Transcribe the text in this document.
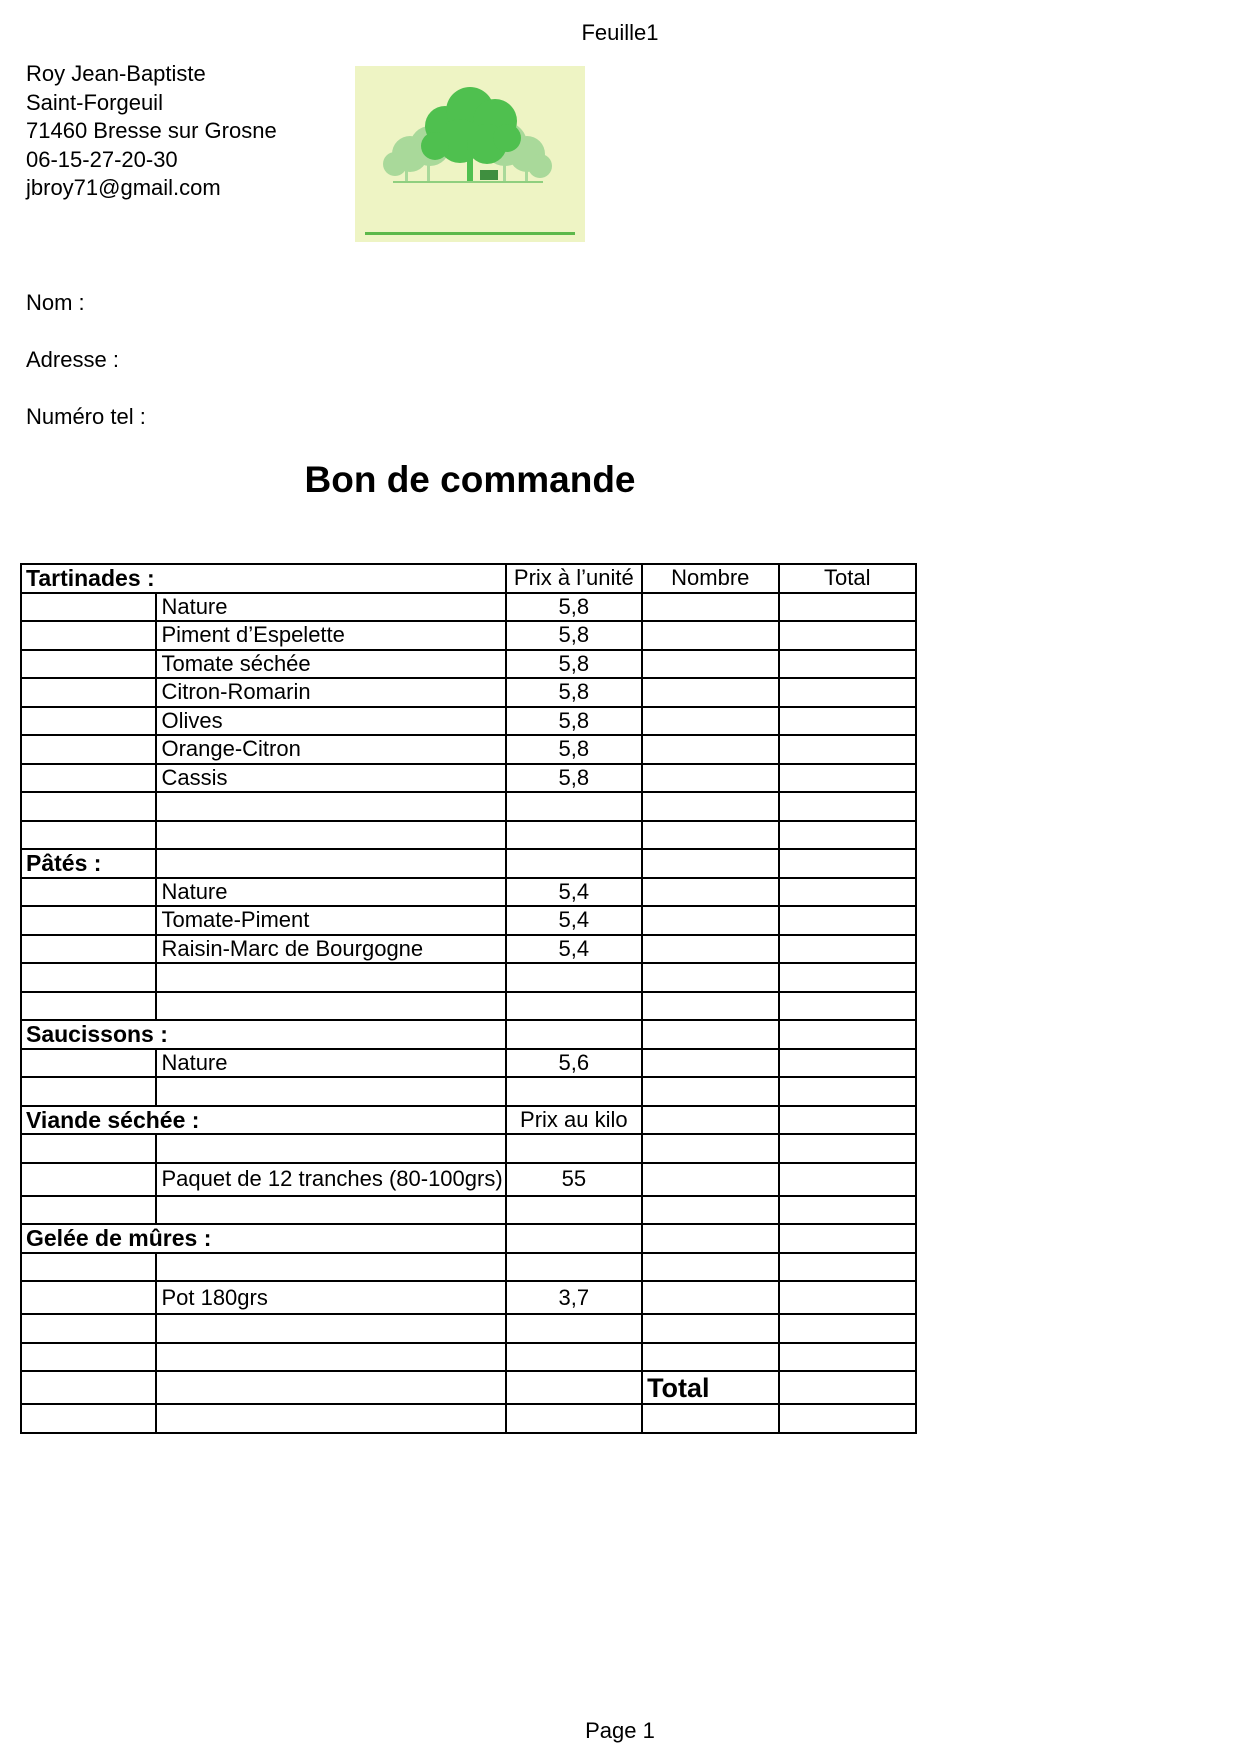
Feuille1
Roy Jean-Baptiste
Saint-Forgeuil
71460 Bresse sur Grosne
06-15-27-20-30
jbroy71@gmail.com
Nom :
Adresse :
Numéro tel :
Bon de commande
Tartinades :		Prix à l’unité	Nombre	Total
	Nature	5,8		
	Piment d’Espelette	5,8		
	Tomate séchée	5,8		
	Citron-Romarin	5,8		
	Olives	5,8		
	Orange-Citron	5,8		
	Cassis	5,8		

Pâtés :				
	Nature	5,4		
	Tomate-Piment	5,4		
	Raisin-Marc de Bourgogne	5,4		

Saucissons :				
	Nature	5,6		

Viande séchée :		Prix au kilo		

	Paquet de 12 tranches (80-100grs)	55		

Gelée de mûres :				

	Pot 180grs	3,7		

			Total	

Page 1
